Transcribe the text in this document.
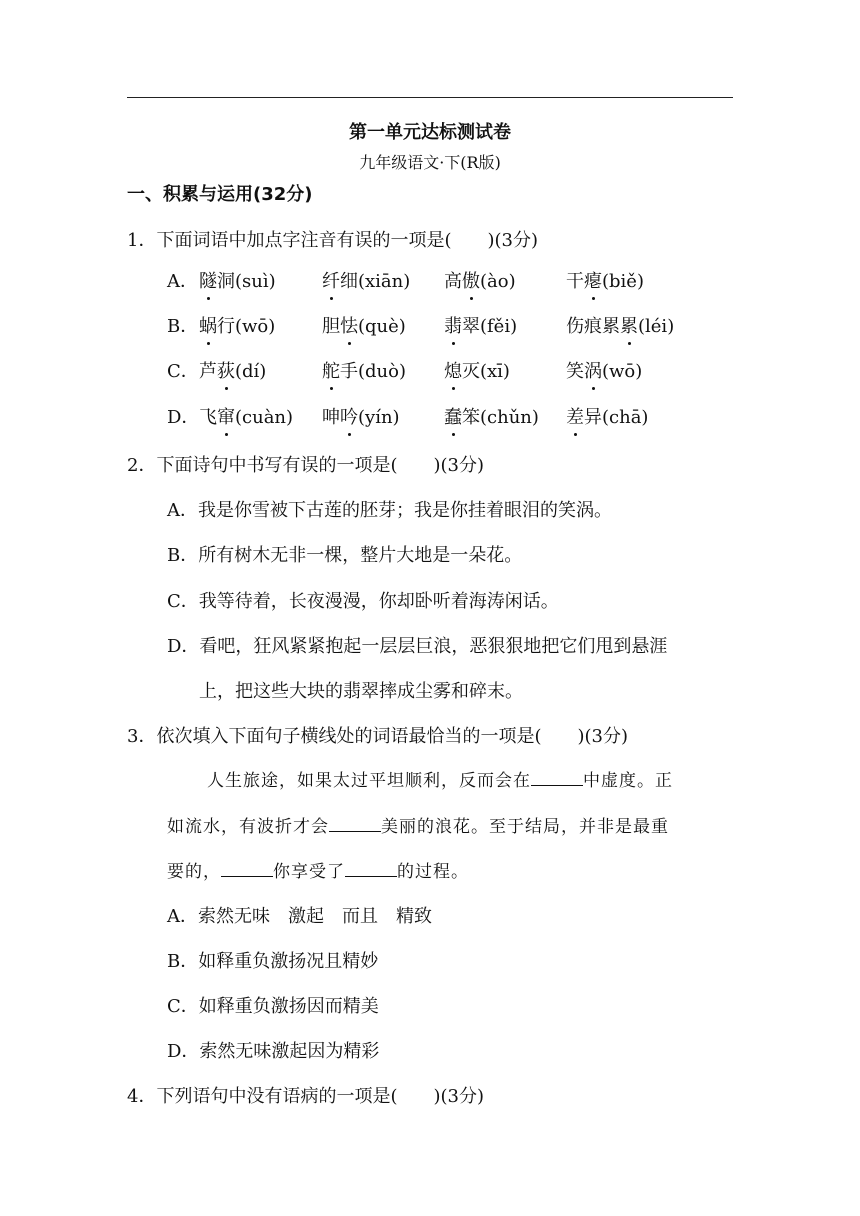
第一单元达标测试卷
九年级语文·下(R版)
一、积累与运用(32分)
1．下面词语中加点字注音有误的一项是(　　)(3分)
A． 隧洞(suì)	纤细(xiān) 高傲(ào)	干瘪(biě)
B． 蜗行(wō)	胆怯(què) 翡翠(fěi)	伤痕累累(léi)
C． 芦荻(dí)	舵手(duò) 熄灭(xī)	笑涡(wō)
D． 飞窜(cuàn) 呻吟(yín) 蠢笨(chǔn) 差异(chā)
2．下面诗句中书写有误的一项是(　　)(3分)
A．我是你雪被下古莲的胚芽；我是你挂着眼泪的笑涡。
B．所有树木无非一棵，整片大地是一朵花。
C．我等待着，长夜漫漫，你却卧听着海涛闲话。
D．看吧，狂风紧紧抱起一层层巨浪，恶狠狠地把它们甩到悬涯
上，把这些大块的翡翠摔成尘雾和碎末。
3．依次填入下面句子横线处的词语最恰当的一项是(　　)(3分)
人生旅途，如果太过平坦顺利，反而会在	中虚度。正
如流水，有波折才会	美丽的浪花。至于结局，并非是最重
要的，	你享受了	的过程。
A．索然无味　激起　而且　精致
B．如释重负激扬况且精妙
C．如释重负激扬因而精美
D．索然无味激起因为精彩
4．下列语句中没有语病的一项是(　　)(3分)
